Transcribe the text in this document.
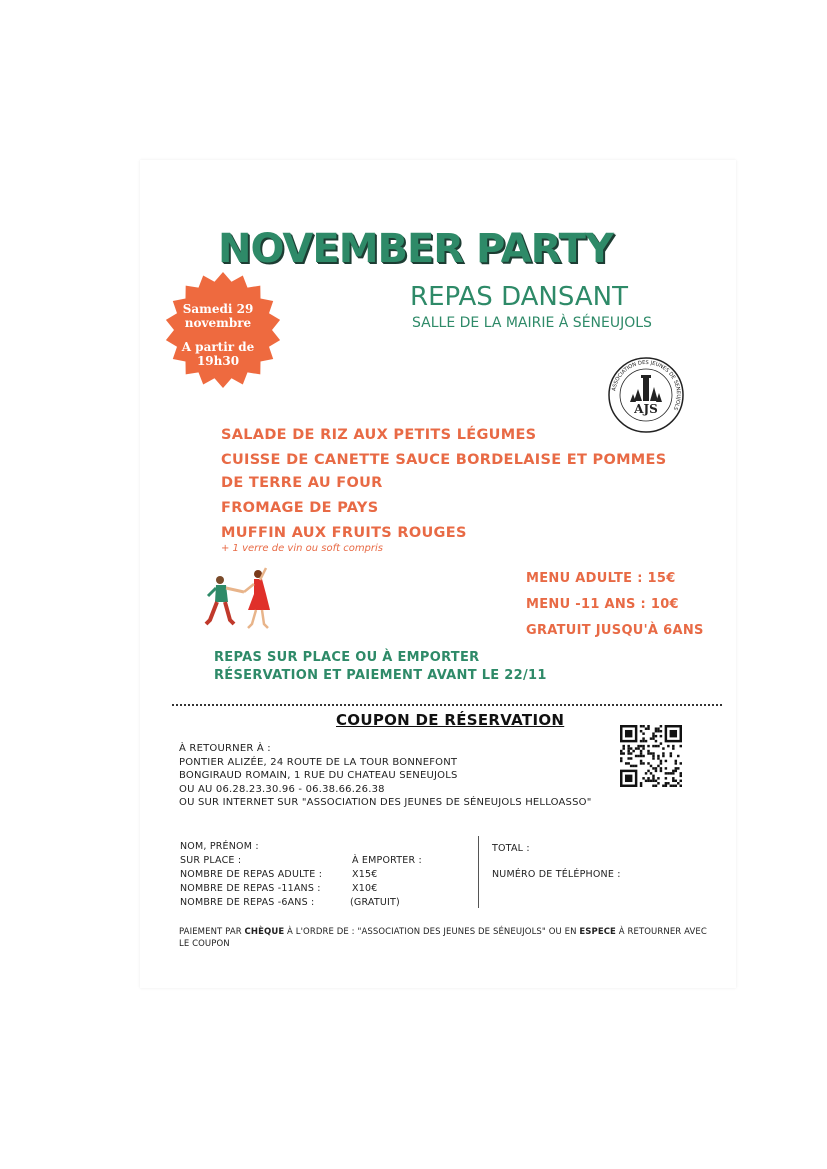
NOVEMBER PARTY
REPAS DANSANT
SALLE DE LA MAIRIE À SÉNEUJOLS
Samedi 29
novembre
A partir de
19h30
ASSOCIATION DES JEUNES DE SENEUJOLS
AJS
SALADE DE RIZ AUX PETITS LÉGUMES
CUISSE DE CANETTE SAUCE BORDELAISE ET POMMES DE TERRE AU FOUR
FROMAGE DE PAYS
MUFFIN AUX FRUITS ROUGES
+ 1 verre de vin ou soft compris
MENU ADULTE : 15€
MENU -11 ANS : 10€
GRATUIT JUSQU'À 6ANS
REPAS SUR PLACE OU À EMPORTER
RÉSERVATION ET PAIEMENT AVANT LE 22/11
COUPON DE RÉSERVATION
À RETOURNER À :
PONTIER ALIZÉE, 24 ROUTE DE LA TOUR BONNEFONT
BONGIRAUD ROMAIN, 1 RUE DU CHATEAU SENEUJOLS
OU AU 06.28.23.30.96 - 06.38.66.26.38
OU SUR INTERNET SUR "ASSOCIATION DES JEUNES DE SÉNEUJOLS HELLOASSO"
NOM, PRÉNOM :
SUR PLACE :	À EMPORTER :
NOMBRE DE REPAS ADULTE :	X15€
NOMBRE DE REPAS -11ANS :	X10€
NOMBRE DE REPAS -6ANS :	(GRATUIT)
TOTAL :
NUMÉRO DE TÉLÉPHONE :
PAIEMENT PAR CHÈQUE À L'ORDRE DE : "ASSOCIATION DES JEUNES DE SÉNEUJOLS" OU EN ESPECE À RETOURNER AVEC LE COUPON
